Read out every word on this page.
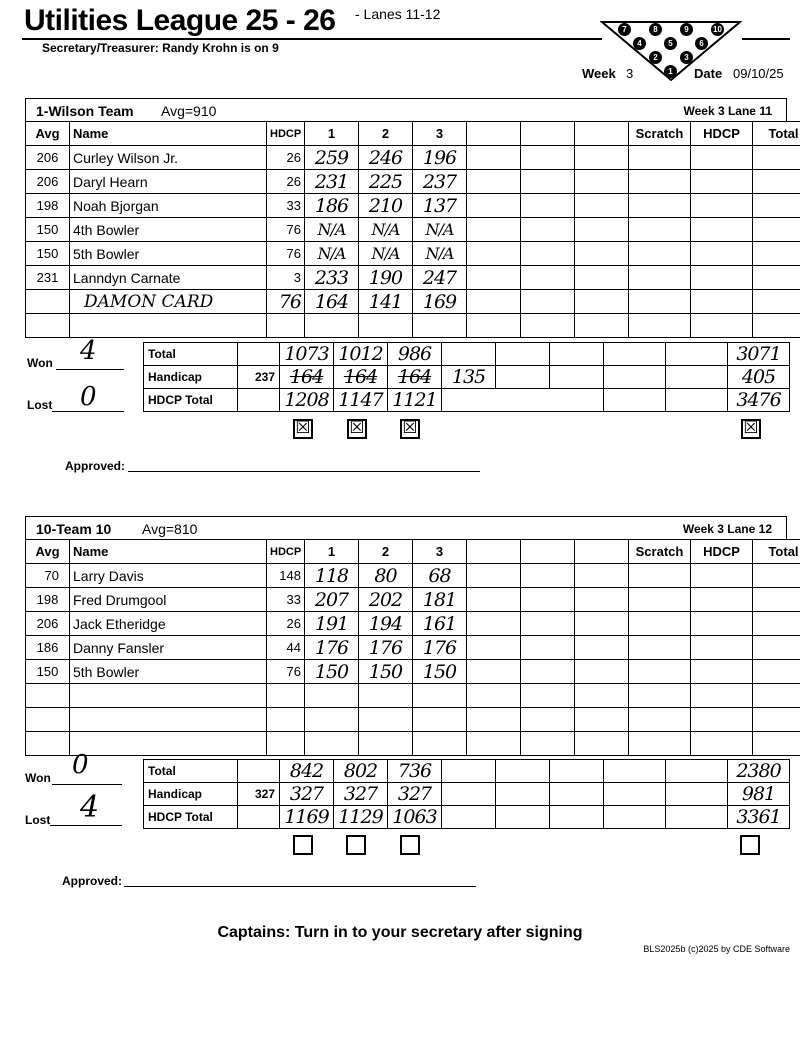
Utilities League 25 - 26 - Lanes 11-12
Secretary/Treasurer: Randy Krohn is on 9
7	8	9	10
4	5	6
2	3
1
Week 3	Date 09/10/25
1-Wilson Team Avg=910	Week 3 Lane 11
Avg	Name	HDCP	1	2	3				Scratch	HDCP	Total
206	Curley Wilson Jr.	26	259	246	196						
206	Daryl Hearn	26	231	225	237						
198	Noah Bjorgan	33	186	210	137						
150	4th Bowler	76	N/A	N/A	N/A						
150	5th Bowler	76	N/A	N/A	N/A						
231	Lanndyn Carnate	3	233	190	247						
	DAMON CARD	76	164	141	169						

Won 4
Lost 0
Total		1073	1012	986						3071
Handicap	237	164	164	164	135					405
HDCP Total		1208	1147	1121						3476
☒ ☒ ☒	☒
Approved:
10-Team 10 Avg=810	Week 3 Lane 12
Avg	Name	HDCP	1	2	3				Scratch	HDCP	Total
70	Larry Davis	148	118	80	68						
198	Fred Drumgool	33	207	202	181						
206	Jack Etheridge	26	191	194	161						
186	Danny Fansler	44	176	176	176						
150	5th Bowler	76	150	150	150						

Won 0
Lost 4
Total		842	802	736						2380
Handicap	327	327	327	327						981
HDCP Total		1169	1129	1063						3361
Approved:
Captains: Turn in to your secretary after signing
BLS2025b (c)2025 by CDE Software
